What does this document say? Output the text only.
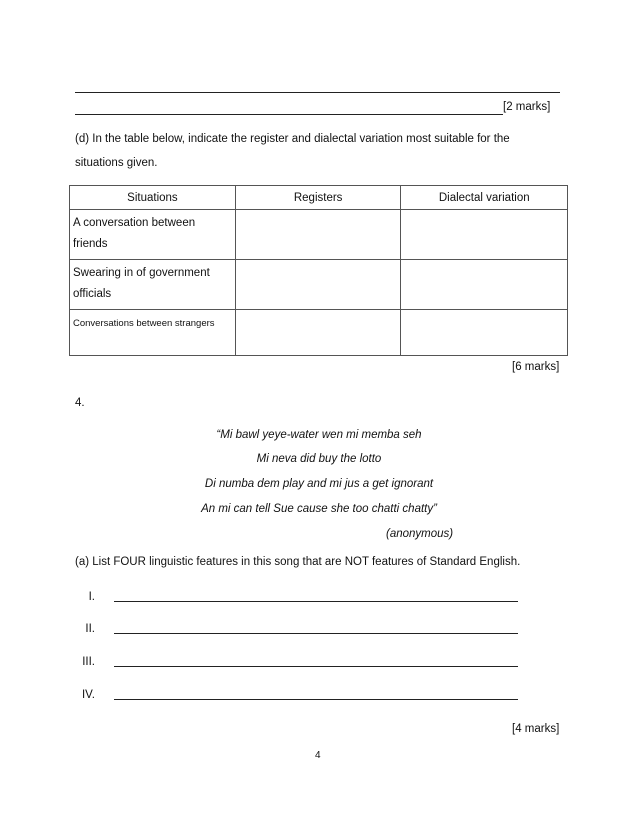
[2 marks]
(d) In the table below, indicate the register and dialectal variation most suitable for the
situations given.
Situations	Registers	Dialectal variation

A conversation between friends		

Swearing in of government officials		

Conversations between strangers		

[6 marks]
4.
“Mi bawl yeye-water wen mi memba seh
Mi neva did buy the lotto
Di numba dem play and mi jus a get ignorant
An mi can tell Sue cause she too chatti chatty”
(anonymous)
(a) List FOUR linguistic features in this song that are NOT features of Standard English.
I.
II.
III.
IV.
[4 marks]
4
